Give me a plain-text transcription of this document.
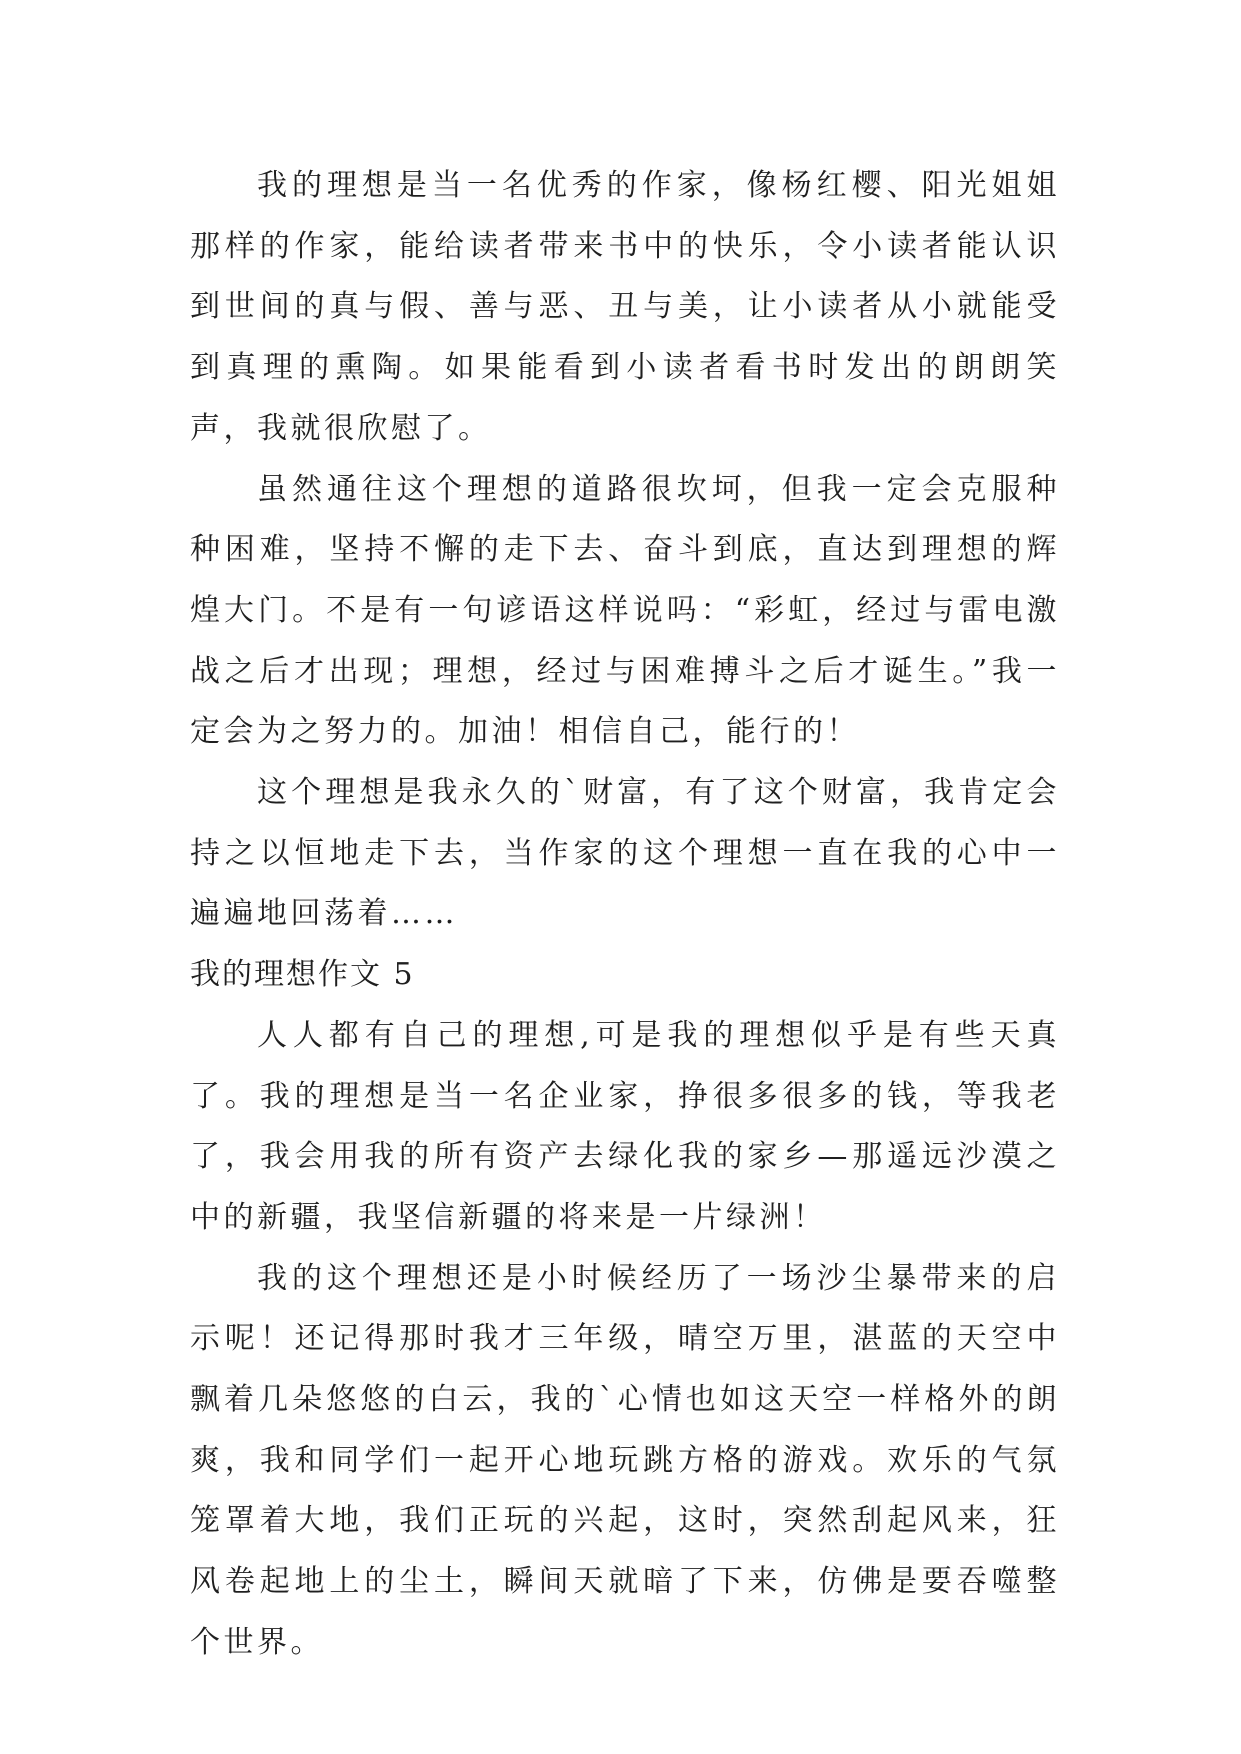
我的理想是当一名优秀的作家，像杨红樱、阳光姐姐那样的作家，能给读者带来书中的快乐，令小读者能认识到世间的真与假、善与恶、丑与美，让小读者从小就能受到真理的熏陶。如果能看到小读者看书时发出的朗朗笑声，我就很欣慰了。

虽然通往这个理想的道路很坎坷，但我一定会克服种种困难，坚持不懈的走下去、奋斗到底，直达到理想的辉煌大门。不是有一句谚语这样说吗：“彩虹，经过与雷电激战之后才出现；理想，经过与困难搏斗之后才诞生。”我一定会为之努力的。加油！相信自己，能行的！

这个理想是我永久的`财富，有了这个财富，我肯定会持之以恒地走下去，当作家的这个理想一直在我的心中一遍遍地回荡着……

我的理想作文 5

人人都有自己的理想,可是我的理想似乎是有些天真了。我的理想是当一名企业家，挣很多很多的钱，等我老了，我会用我的所有资产去绿化我的家乡—那遥远沙漠之中的新疆，我坚信新疆的将来是一片绿洲！

我的这个理想还是小时候经历了一场沙尘暴带来的启示呢！还记得那时我才三年级，晴空万里，湛蓝的天空中飘着几朵悠悠的白云，我的`心情也如这天空一样格外的朗爽，我和同学们一起开心地玩跳方格的游戏。欢乐的气氛笼罩着大地，我们正玩的兴起，这时，突然刮起风来，狂风卷起地上的尘土，瞬间天就暗了下来，仿佛是要吞噬整个世界。
